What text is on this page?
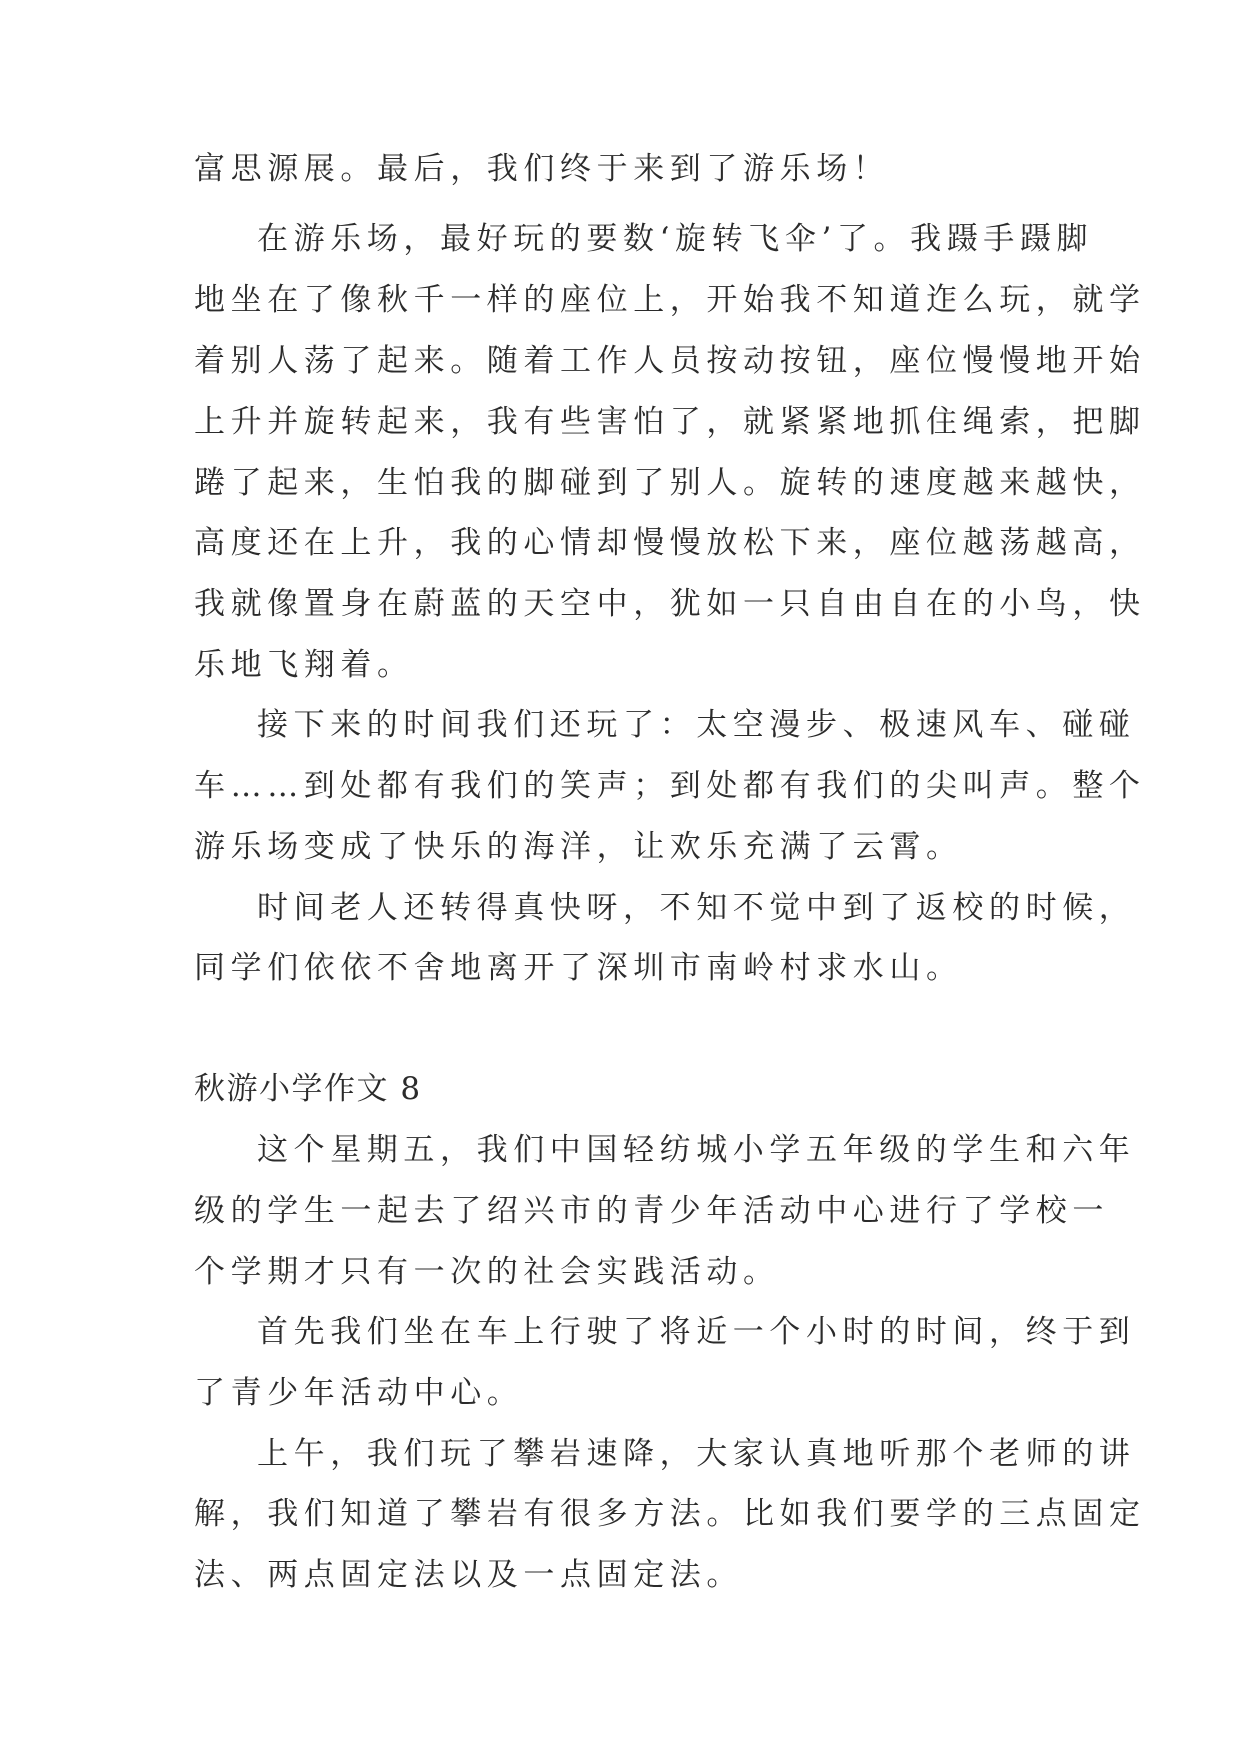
富思源展。最后，我们终于来到了游乐场！
在游乐场，最好玩的要数‘旋转飞伞’了。我蹑手蹑脚
地坐在了像秋千一样的座位上，开始我不知道迮么玩，就学
着别人荡了起来。随着工作人员按动按钮，座位慢慢地开始
上升并旋转起来，我有些害怕了，就紧紧地抓住绳索，把脚
踡了起来，生怕我的脚碰到了别人。旋转的速度越来越快，
高度还在上升，我的心情却慢慢放松下来，座位越荡越高，
我就像置身在蔚蓝的天空中，犹如一只自由自在的小鸟，快
乐地飞翔着。
接下来的时间我们还玩了：太空漫步、极速风车、碰碰
车……到处都有我们的笑声；到处都有我们的尖叫声。整个
游乐场变成了快乐的海洋，让欢乐充满了云霄。
时间老人还转得真快呀，不知不觉中到了返校的时候，
同学们依依不舍地离开了深圳市南岭村求水山。
秋游小学作文 8
这个星期五，我们中国轻纺城小学五年级的学生和六年
级的学生一起去了绍兴市的青少年活动中心进行了学校一
个学期才只有一次的社会实践活动。
首先我们坐在车上行驶了将近一个小时的时间，终于到
了青少年活动中心。
上午，我们玩了攀岩速降，大家认真地听那个老师的讲
解，我们知道了攀岩有很多方法。比如我们要学的三点固定
法、两点固定法以及一点固定法。
